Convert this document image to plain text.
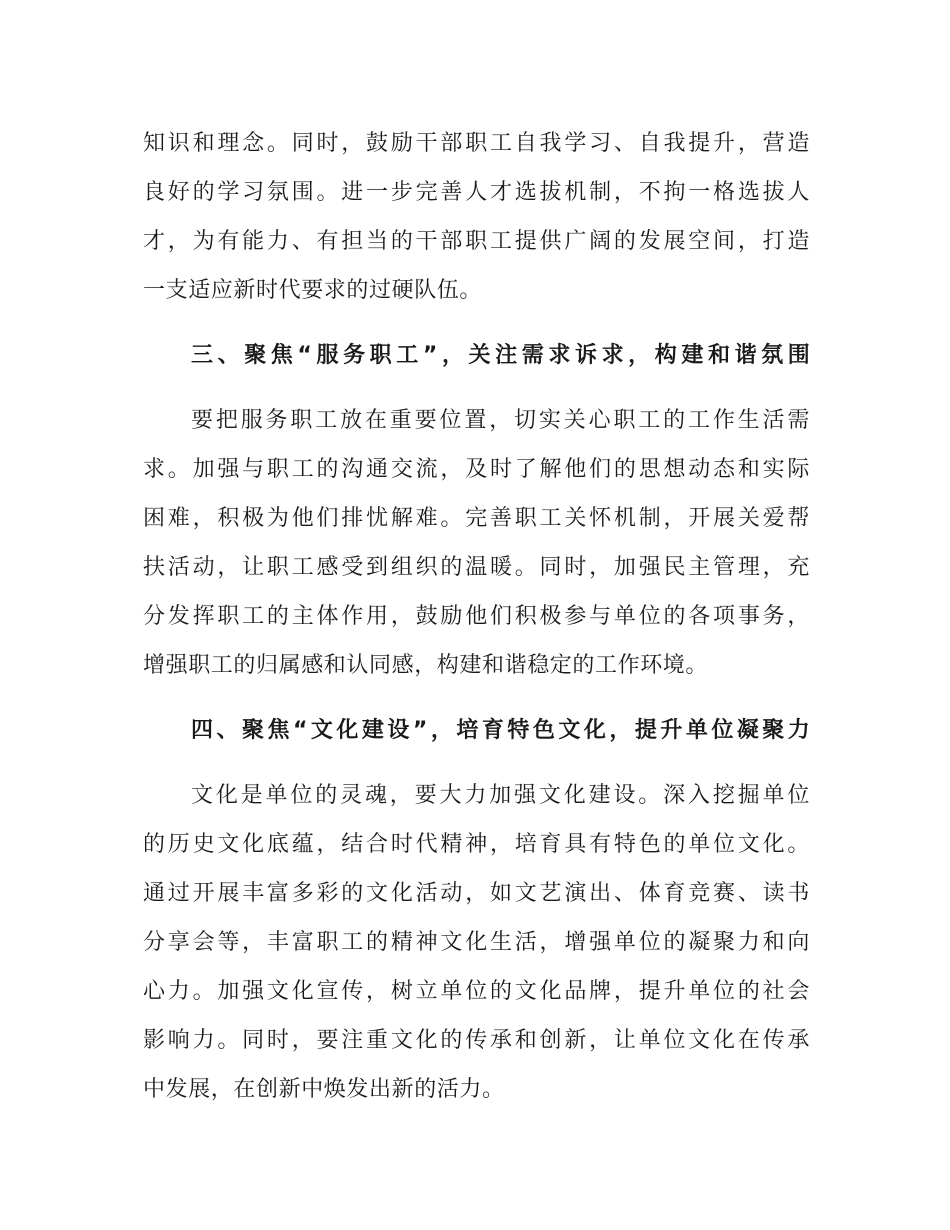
知识和理念。同时，鼓励干部职工自我学习、自我提升，营造
良好的学习氛围。进一步完善人才选拔机制，不拘一格选拔人
才，为有能力、有担当的干部职工提供广阔的发展空间，打造
一支适应新时代要求的过硬队伍。
三、聚焦“服务职工”，关注需求诉求，构建和谐氛围
要把服务职工放在重要位置，切实关心职工的工作生活需
求。加强与职工的沟通交流，及时了解他们的思想动态和实际
困难，积极为他们排忧解难。完善职工关怀机制，开展关爱帮
扶活动，让职工感受到组织的温暖。同时，加强民主管理，充
分发挥职工的主体作用，鼓励他们积极参与单位的各项事务，
增强职工的归属感和认同感，构建和谐稳定的工作环境。
四、聚焦“文化建设”，培育特色文化，提升单位凝聚力
文化是单位的灵魂，要大力加强文化建设。深入挖掘单位
的历史文化底蕴，结合时代精神，培育具有特色的单位文化。
通过开展丰富多彩的文化活动，如文艺演出、体育竞赛、读书
分享会等，丰富职工的精神文化生活，增强单位的凝聚力和向
心力。加强文化宣传，树立单位的文化品牌，提升单位的社会
影响力。同时，要注重文化的传承和创新，让单位文化在传承
中发展，在创新中焕发出新的活力。
